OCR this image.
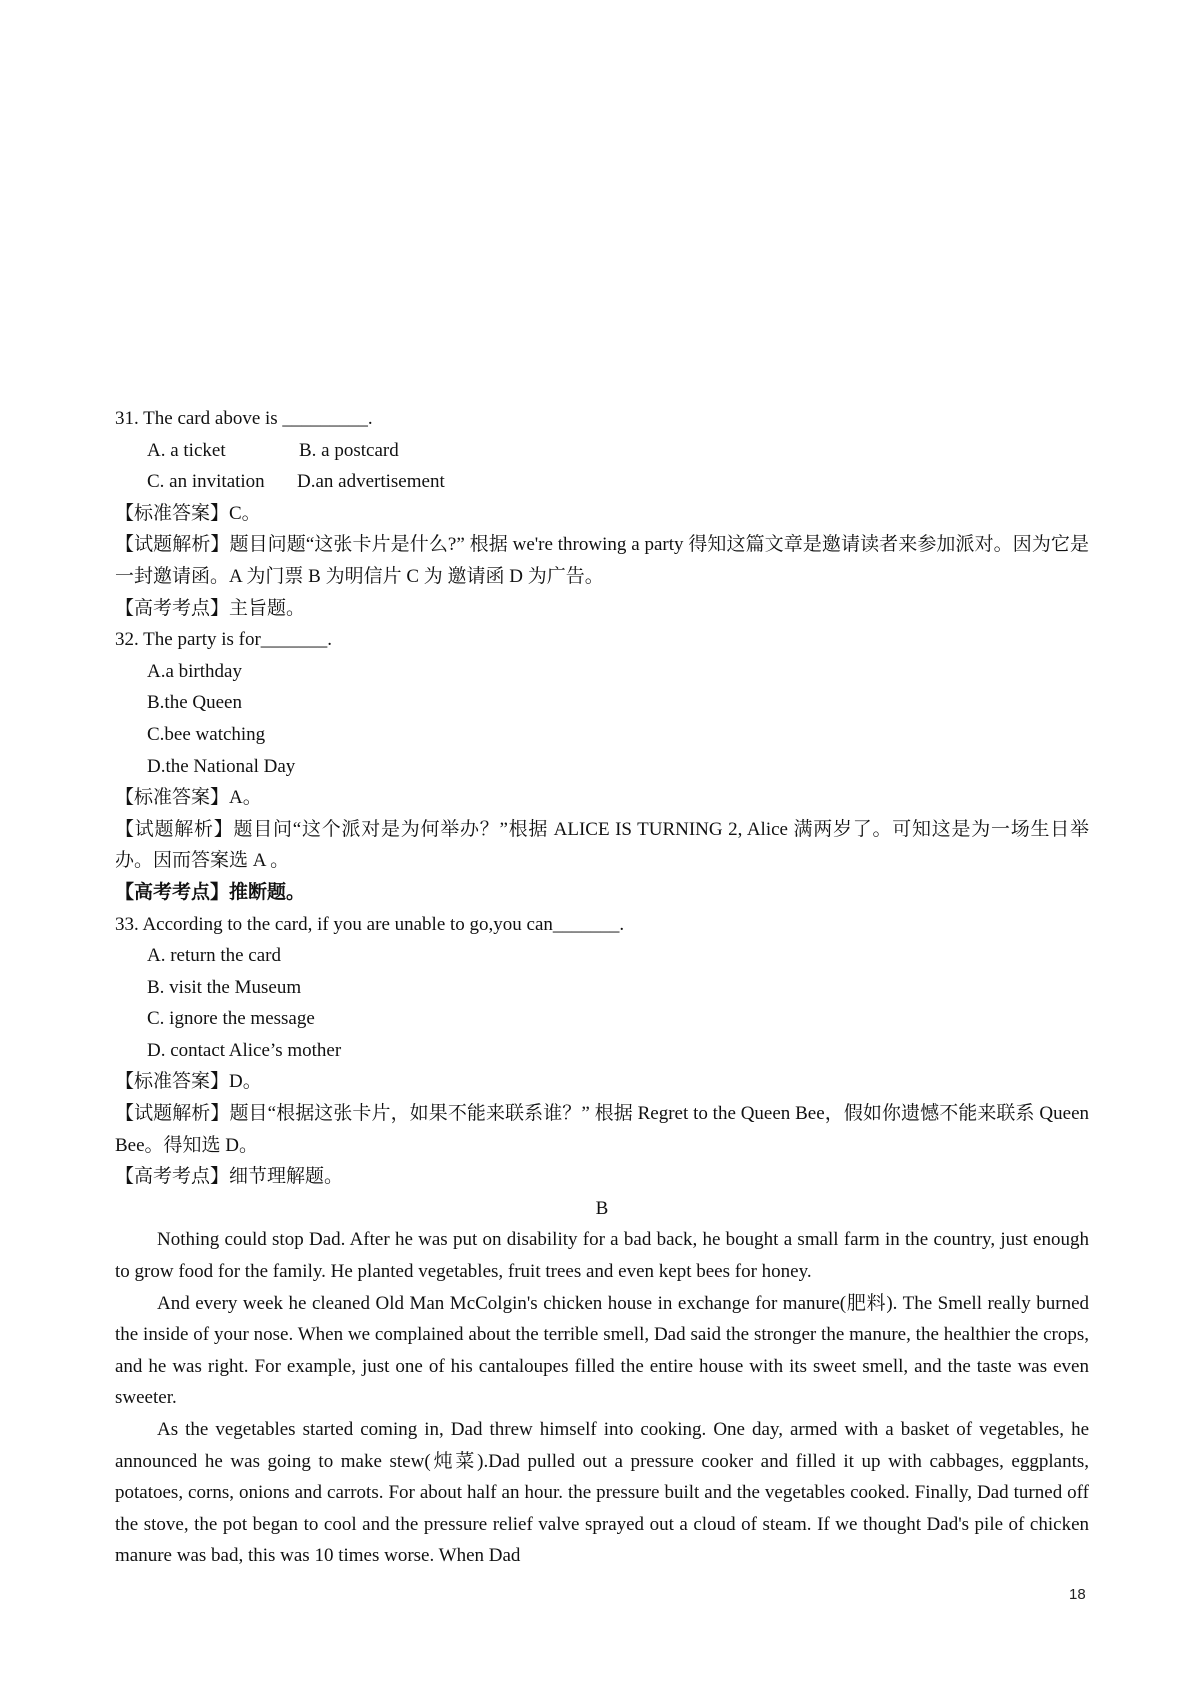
31. The card above is _________.
A. a ticket	B. a postcard
C. an invitation D.an advertisement
【标准答案】C。
【试题解析】题目问题“这张卡片是什么?” 根据 we're throwing a party 得知这篇文章是邀请读者来参加派对。因为它是一封邀请函。A 为门票 B 为明信片 C 为 邀请函 D 为广告。
【高考考点】主旨题。
32. The party is for_______.
A.a birthday
B.the Queen
C.bee watching
D.the National Day
【标准答案】A。
【试题解析】题目问“这个派对是为何举办？”根据 ALICE IS TURNING 2, Alice 满两岁了。可知这是为一场生日举办。因而答案选 A 。
【高考考点】推断题。
33. According to the card, if you are unable to go,you can_______.
A. return the card
B. visit the Museum
C. ignore the message
D. contact Alice’s mother
【标准答案】D。
【试题解析】题目“根据这张卡片，如果不能来联系谁？” 根据 Regret to the Queen Bee，假如你遗憾不能来联系 Queen Bee。得知选 D。
【高考考点】细节理解题。
B
Nothing could stop Dad. After he was put on disability for a bad back, he bought a small farm in the country, just enough to grow food for the family. He planted vegetables, fruit trees and even kept bees for honey.
And every week he cleaned Old Man McColgin's chicken house in exchange for manure(肥料). The Smell really burned the inside of your nose. When we complained about the terrible smell, Dad said the stronger the manure, the healthier the crops, and he was right. For example, just one of his cantaloupes filled the entire house with its sweet smell, and the taste was even sweeter.
As the vegetables started coming in, Dad threw himself into cooking. One day, armed with a basket of vegetables, he announced he was going to make stew(炖菜).Dad pulled out a pressure cooker and filled it up with cabbages, eggplants, potatoes, corns, onions and carrots. For about half an hour. the pressure built and the vegetables cooked. Finally, Dad turned off the stove, the pot began to cool and the pressure relief valve sprayed out a cloud of steam. If we thought Dad's pile of chicken manure was bad, this was 10 times worse. When Dad
18
